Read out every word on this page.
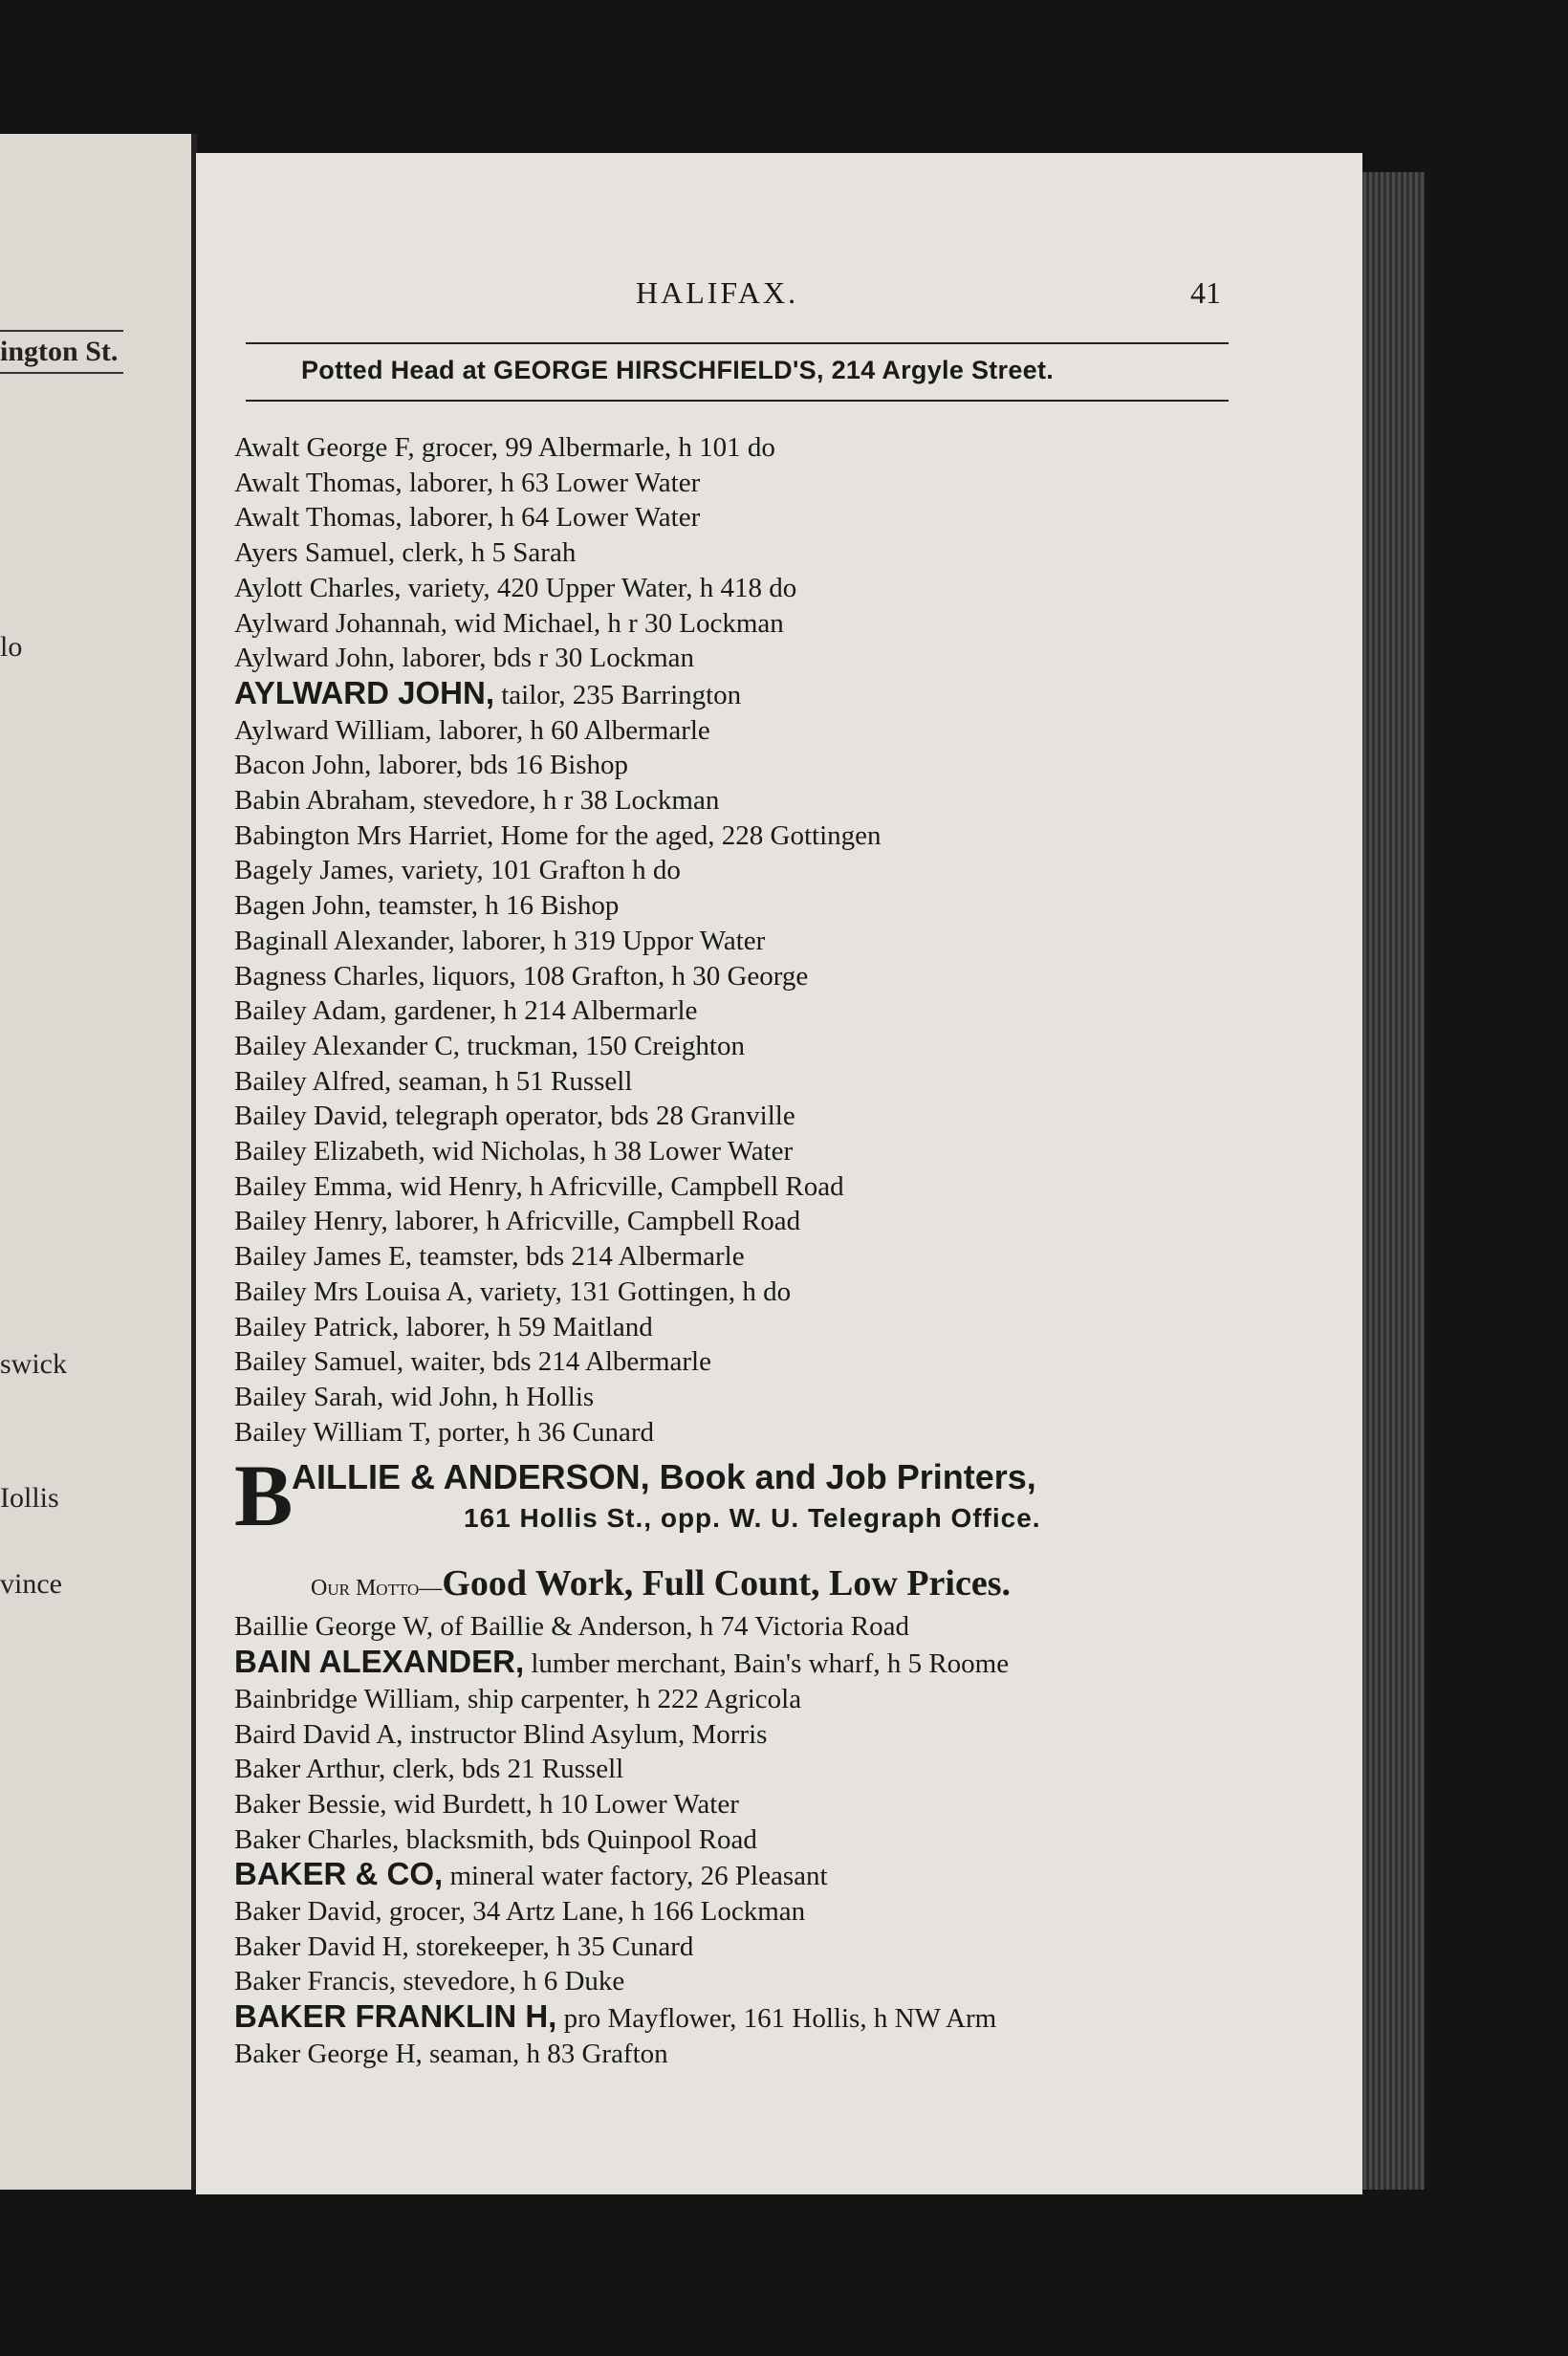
ington St.
lo
swick
Iollis
vince
HALIFAX.	41
Potted Head at GEORGE HIRSCHFIELD'S, 214 Argyle Street.
Awalt George F, grocer, 99 Albermarle, h 101 do
Awalt Thomas, laborer, h 63 Lower Water
Awalt Thomas, laborer, h 64 Lower Water
Ayers Samuel, clerk, h 5 Sarah
Aylott Charles, variety, 420 Upper Water, h 418 do
Aylward Johannah, wid Michael, h r 30 Lockman
Aylward John, laborer, bds r 30 Lockman
AYLWARD JOHN, tailor, 235 Barrington
Aylward William, laborer, h 60 Albermarle
Bacon John, laborer, bds 16 Bishop
Babin Abraham, stevedore, h r 38 Lockman
Babington Mrs Harriet, Home for the aged, 228 Gottingen
Bagely James, variety, 101 Grafton h do
Bagen John, teamster, h 16 Bishop
Baginall Alexander, laborer, h 319 Uppor Water
Bagness Charles, liquors, 108 Grafton, h 30 George
Bailey Adam, gardener, h 214 Albermarle
Bailey Alexander C, truckman, 150 Creighton
Bailey Alfred, seaman, h 51 Russell
Bailey David, telegraph operator, bds 28 Granville
Bailey Elizabeth, wid Nicholas, h 38 Lower Water
Bailey Emma, wid Henry, h Africville, Campbell Road
Bailey Henry, laborer, h Africville, Campbell Road
Bailey James E, teamster, bds 214 Albermarle
Bailey Mrs Louisa A, variety, 131 Gottingen, h do
Bailey Patrick, laborer, h 59 Maitland
Bailey Samuel, waiter, bds 214 Albermarle
Bailey Sarah, wid John, h Hollis
Bailey William T, porter, h 36 Cunard
B
AILLIE & ANDERSON, Book and Job Printers,
161 Hollis St., opp. W. U. Telegraph Office.
Our Motto—Good Work, Full Count, Low Prices.
Baillie George W, of Baillie & Anderson, h 74 Victoria Road
BAIN ALEXANDER, lumber merchant, Bain's wharf, h 5 Roome
Bainbridge William, ship carpenter, h 222 Agricola
Baird David A, instructor Blind Asylum, Morris
Baker Arthur, clerk, bds 21 Russell
Baker Bessie, wid Burdett, h 10 Lower Water
Baker Charles, blacksmith, bds Quinpool Road
BAKER & CO, mineral water factory, 26 Pleasant
Baker David, grocer, 34 Artz Lane, h 166 Lockman
Baker David H, storekeeper, h 35 Cunard
Baker Francis, stevedore, h 6 Duke
BAKER FRANKLIN H, pro Mayflower, 161 Hollis, h NW Arm
Baker George H, seaman, h 83 Grafton
